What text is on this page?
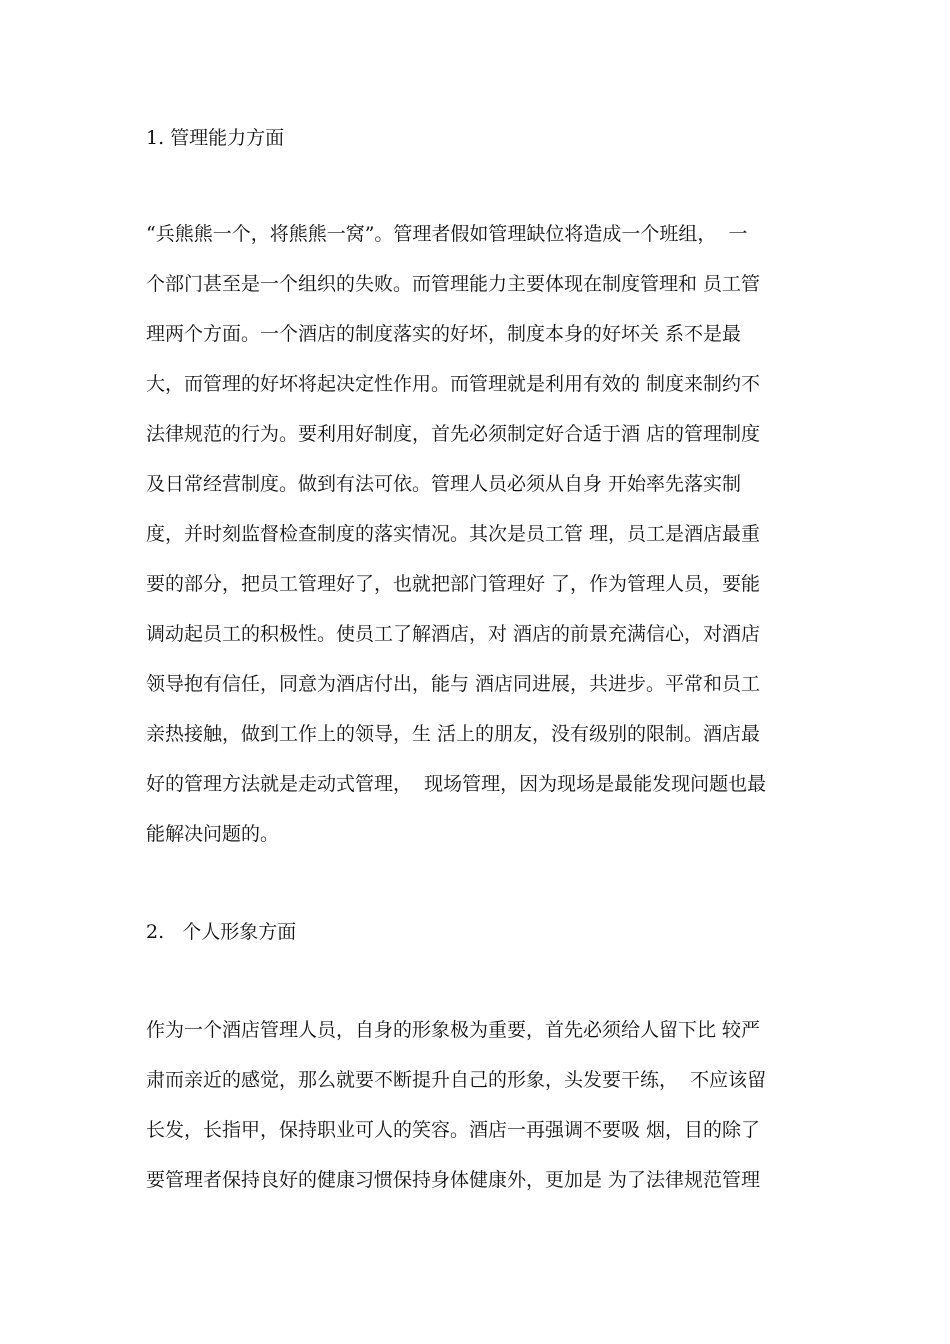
1. 管理能力方面
“兵熊熊一个，将熊熊一窝”。管理者假如管理缺位将造成一个班组，  一
个部门甚至是一个组织的失败。而管理能力主要体现在制度管理和 员工管
理两个方面。一个酒店的制度落实的好坏，制度本身的好坏关 系不是最
大，而管理的好坏将起决定性作用。而管理就是利用有效的 制度来制约不
法律规范的行为。要利用好制度，首先必须制定好合适于酒 店的管理制度
及日常经营制度。做到有法可依。管理人员必须从自身 开始率先落实制
度，并时刻监督检查制度的落实情况。其次是员工管 理，员工是酒店最重
要的部分，把员工管理好了，也就把部门管理好 了，作为管理人员，要能
调动起员工的积极性。使员工了解酒店，对 酒店的前景充满信心，对酒店
领导抱有信任，同意为酒店付出，能与 酒店同进展，共进步。平常和员工
亲热接触，做到工作上的领导，生 活上的朋友，没有级别的限制。酒店最
好的管理方法就是走动式管理，  现场管理，因为现场是最能发现问题也最
能解决问题的。
2.   个人形象方面
作为一个酒店管理人员，自身的形象极为重要，首先必须给人留下比 较严
肃而亲近的感觉，那么就要不断提升自己的形象，头发要干练，  不应该留
长发，长指甲，保持职业可人的笑容。酒店一再强调不要吸 烟，目的除了
要管理者保持良好的健康习惯保持身体健康外，更加是 为了法律规范管理
